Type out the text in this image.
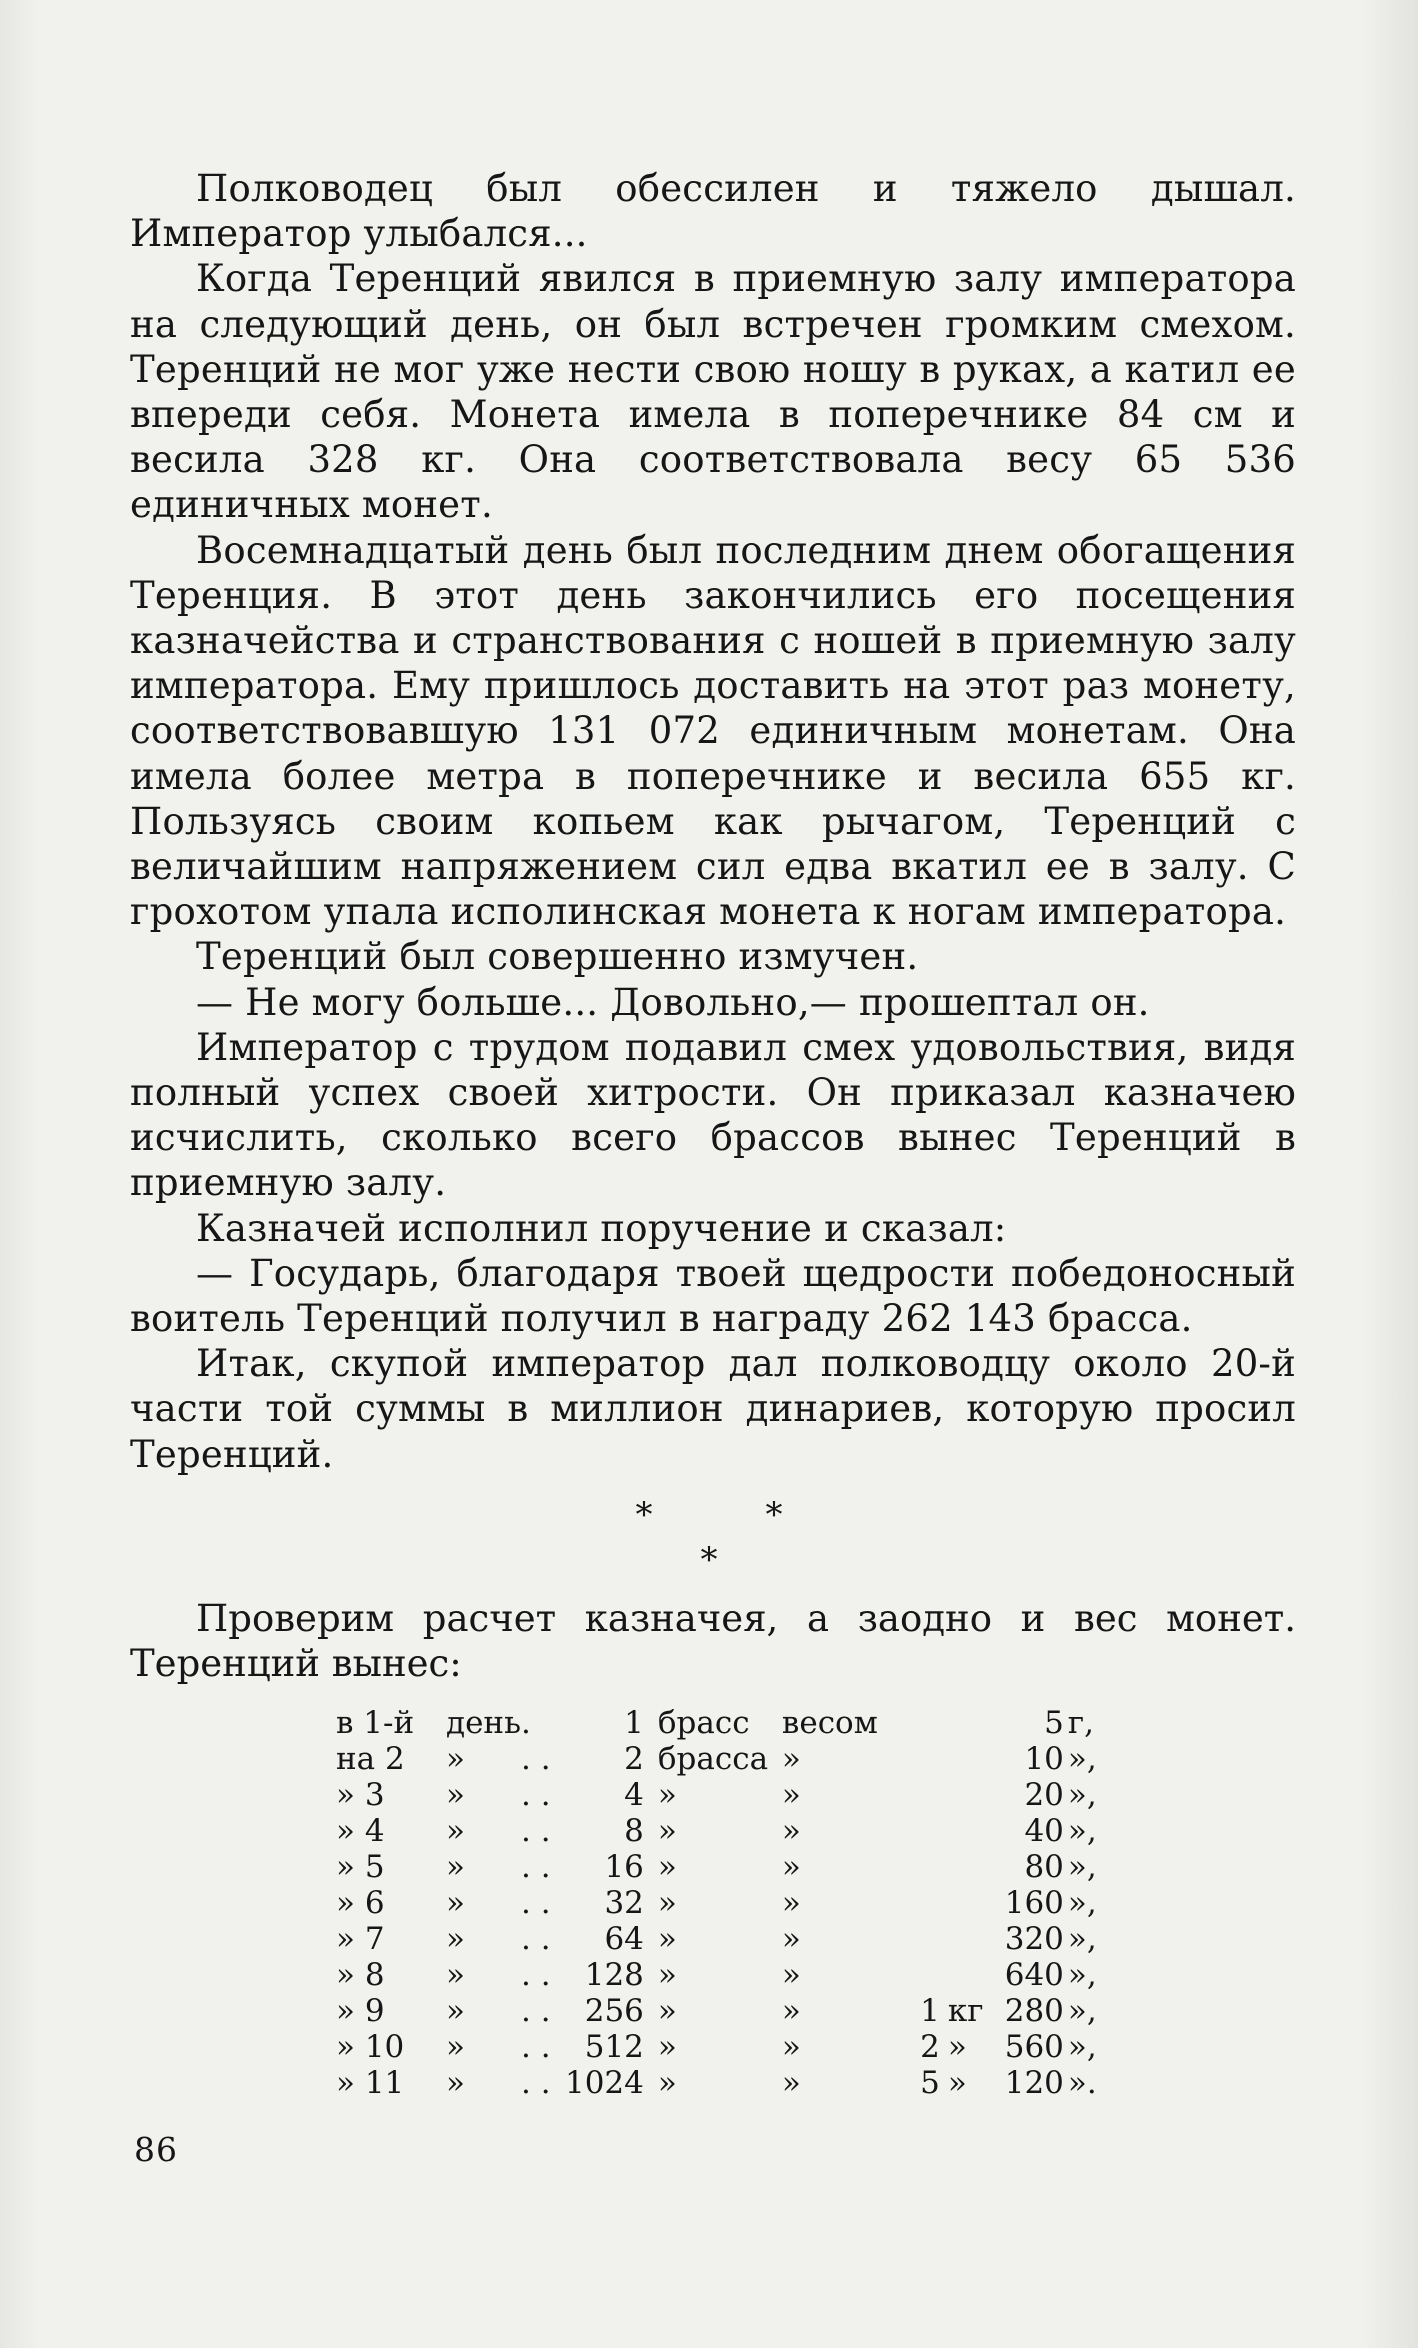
Полководец был обессилен и тяжело дышал. Император улыбался...

Когда Теренций явился в приемную залу императора на следующий день, он был встречен громким смехом. Теренций не мог уже нести свою ношу в руках, а катил ее впереди себя. Монета имела в поперечнике 84 см и весила 328 кг. Она соответствовала весу 65 536 единичных монет.

Восемнадцатый день был последним днем обогащения Теренция. В этот день закончились его посещения казначейства и странствования с ношей в приемную залу императора. Ему пришлось доставить на этот раз монету, соответствовавшую 131 072 единичным монетам. Она имела более метра в поперечнике и весила 655 кг. Пользуясь своим копьем как рычагом, Теренций с величайшим напряжением сил едва вкатил ее в залу. С грохотом упала исполинская монета к ногам императора.

Теренций был совершенно измучен.

— Не могу больше... Довольно,— прошептал он.

Император с трудом подавил смех удовольствия, видя полный успех своей хитрости. Он приказал казначею исчислить, сколько всего брассов вынес Теренций в приемную залу.

Казначей исполнил поручение и сказал:

— Государь, благодаря твоей щедрости победоносный воитель Теренций получил в награду 262 143 брасса.

Итак, скупой император дал полководцу около 20-й части той суммы в миллион динариев, которую просил Теренций.

*	*
*

Проверим расчет казначея, а заодно и вес монет. Теренций вынес:

в 1-й	день	.	1	брасс	весом			5	г,
на 2	»	. .	2	брасса	»			10	»,
» 3	»	. .	4	»	»			20	»,
» 4	»	. .	8	»	»			40	»,
» 5	»	. .	16	»	»			80	»,
» 6	»	. .	32	»	»			160	»,
» 7	»	. .	64	»	»			320	»,
» 8	»	. .	128	»	»			640	»,
» 9	»	. .	256	»	»	1	кг	280	»,
» 10	»	. .	512	»	»	2	»	560	»,
» 11	»	. .	1024	»	»	5	»	120	».
86
